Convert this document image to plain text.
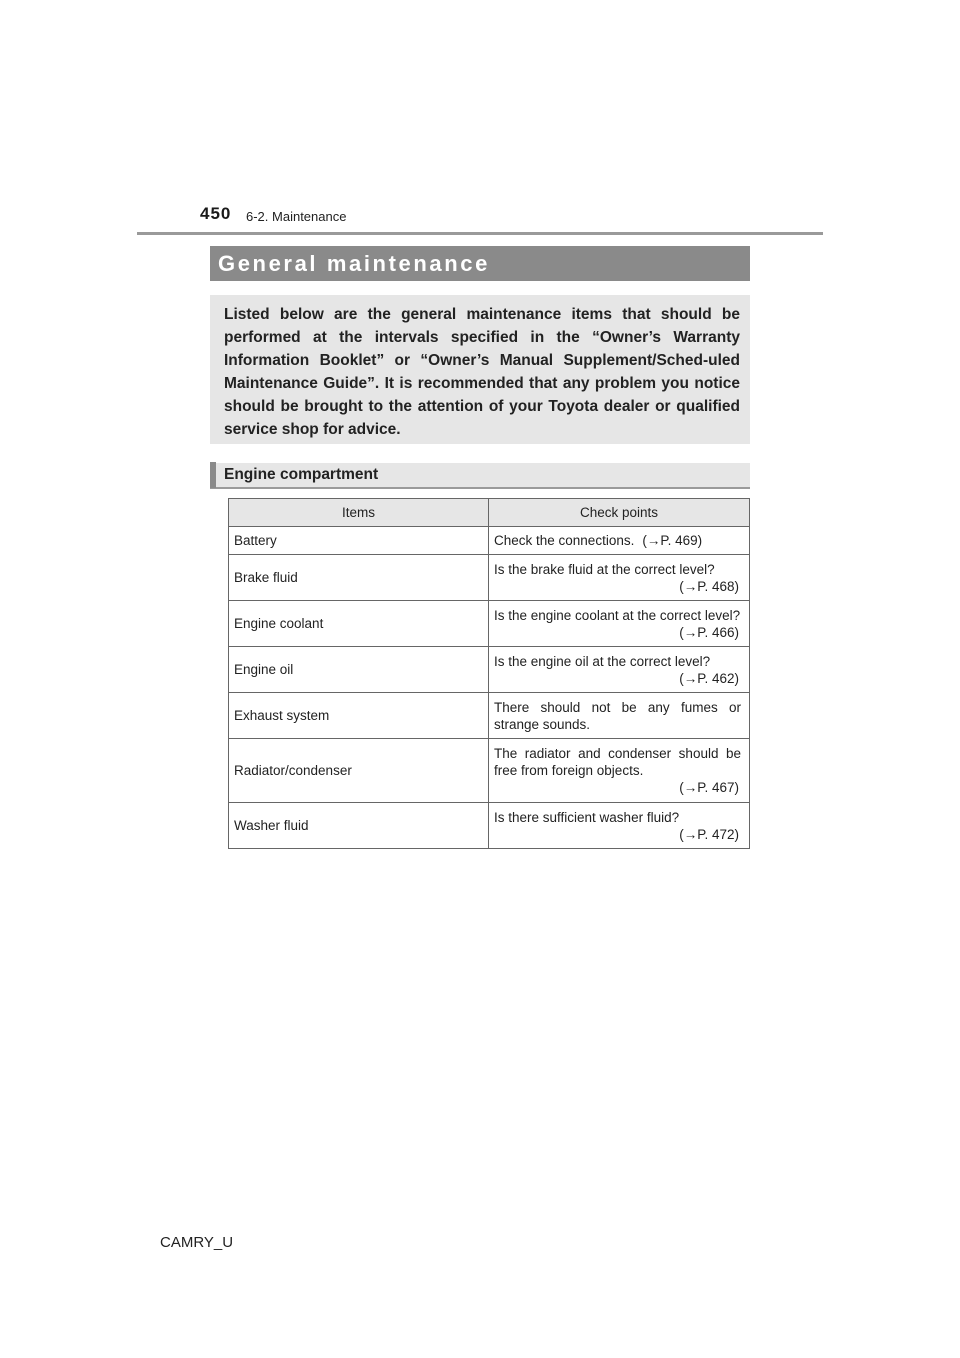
450 6-2. Maintenance
General maintenance

Listed below are the general maintenance items that should be performed at the intervals specified in the “Owner’s Warranty Information Booklet” or “Owner’s Manual Supplement/Sched-uled Maintenance Guide”. It is recommended that any problem you notice should be brought to the attention of your Toyota dealer or qualified service shop for advice.

Engine compartment
Items	Check points
Battery	Check the connections. (→P. 469)
Brake fluid	Is the brake fluid at the correct level?
(→P. 468)

Engine coolant	Is the engine coolant at the correct level?
(→P. 466)

Engine oil	Is the engine oil at the correct level?
(→P. 462)

Exhaust system	There should not be any fumes or strange sounds.
Radiator/condenser	The radiator and condenser should be free from foreign objects.
(→P. 467)

Washer fluid	Is there sufficient washer fluid?
(→P. 472)
CAMRY_U
